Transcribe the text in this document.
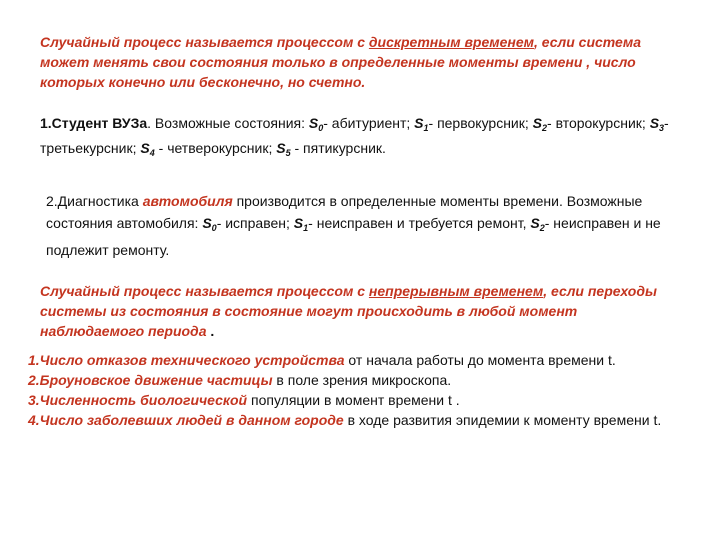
Случайный процесс называется процессом с дискретным временем, если система может менять свои состояния только в определенные моменты времени , число которых конечно или бесконечно, но счетно.
1.Студент ВУЗа. Возможные состояния: $S_0-$ абитуриент; $S_1-$ первокурсник; $S_2-$ второкурсник; $S_3-$ третьекурсник; $S_4$ - четверокурсник; $S_5$ - пятикурсник.
2.Диагностика автомобиля производится в определенные моменты времени. Возможные состояния автомобиля: $S_0-$ исправен; $S_1-$ неисправен и требуется ремонт, $S_2-$ неисправен и не подлежит ремонту.
Случайный процесс называется процессом с непрерывным временем, если переходы системы из состояния в состояние могут происходить в любой момент наблюдаемого периода .
1.Число отказов технического устройства от начала работы до момента времени t.
2.Броуновское движение частицы в поле зрения микроскопа.
3.Численность биологической популяции в момент времени t .
4.Число заболевших людей в данном городе в ходе развития эпидемии к моменту времени t.
